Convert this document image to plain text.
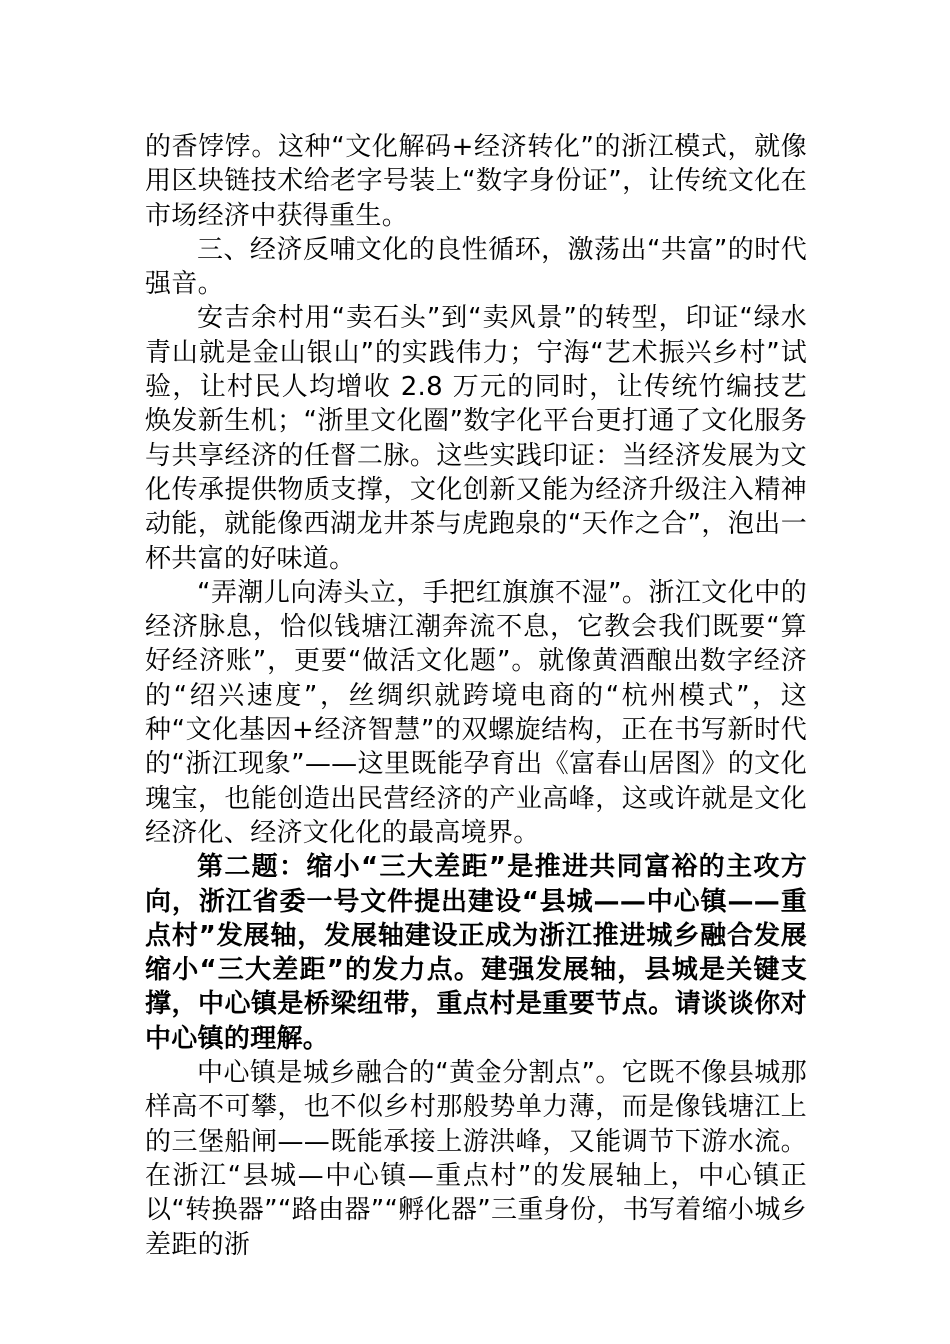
的香饽饽。这种“文化解码+经济转化”的浙江模式，就像用区块链技术给老字号装上“数字身份证”，让传统文化在市场经济中获得重生。

三、经济反哺文化的良性循环，激荡出“共富”的时代强音。

安吉余村用“卖石头”到“卖风景”的转型，印证“绿水青山就是金山银山”的实践伟力；宁海“艺术振兴乡村”试验，让村民人均增收 2.8 万元的同时，让传统竹编技艺焕发新生机；“浙里文化圈”数字化平台更打通了文化服务与共享经济的任督二脉。这些实践印证：当经济发展为文化传承提供物质支撑，文化创新又能为经济升级注入精神动能，就能像西湖龙井茶与虎跑泉的“天作之合”，泡出一杯共富的好味道。

“弄潮儿向涛头立，手把红旗旗不湿”。浙江文化中的经济脉息，恰似钱塘江潮奔流不息，它教会我们既要“算好经济账”，更要“做活文化题”。就像黄酒酿出数字经济的“绍兴速度”，丝绸织就跨境电商的“杭州模式”，这种“文化基因+经济智慧”的双螺旋结构，正在书写新时代的“浙江现象”——这里既能孕育出《富春山居图》的文化瑰宝，也能创造出民营经济的产业高峰，这或许就是文化经济化、经济文化化的最高境界。

第二题：缩小“三大差距”是推进共同富裕的主攻方向，浙江省委一号文件提出建设“县城——中心镇——重点村”发展轴，发展轴建设正成为浙江推进城乡融合发展缩小“三大差距”的发力点。建强发展轴，县城是关键支撑，中心镇是桥梁纽带，重点村是重要节点。请谈谈你对中心镇的理解。

中心镇是城乡融合的“黄金分割点”。它既不像县城那样高不可攀，也不似乡村那般势单力薄，而是像钱塘江上的三堡船闸——既能承接上游洪峰，又能调节下游水流。在浙江“县城—中心镇—重点村”的发展轴上，中心镇正以“转换器”“路由器”“孵化器”三重身份，书写着缩小城乡差距的浙
